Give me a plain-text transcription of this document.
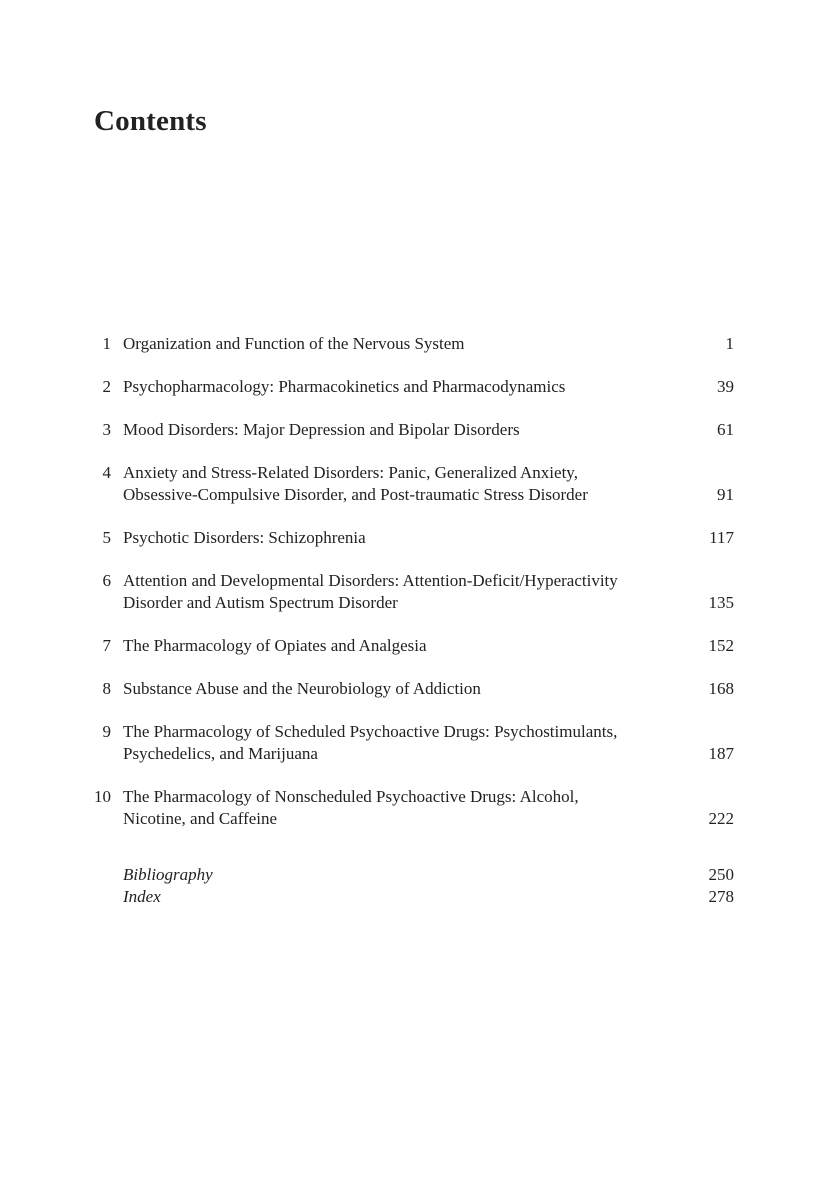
Contents
1 Organization and Function of the Nervous System	1
2 Psychopharmacology: Pharmacokinetics and Pharmacodynamics	39
3 Mood Disorders: Major Depression and Bipolar Disorders	61
4 Anxiety and Stress-Related Disorders: Panic, Generalized Anxiety,
Obsessive-Compulsive Disorder, and Post-traumatic Stress Disorder	91
5 Psychotic Disorders: Schizophrenia	117
6 Attention and Developmental Disorders: Attention-Deficit/Hyperactivity
Disorder and Autism Spectrum Disorder	135
7 The Pharmacology of Opiates and Analgesia	152
8 Substance Abuse and the Neurobiology of Addiction	168
9 The Pharmacology of Scheduled Psychoactive Drugs: Psychostimulants,
Psychedelics, and Marijuana	187
10 The Pharmacology of Nonscheduled Psychoactive Drugs: Alcohol,
Nicotine, and Caffeine	222
Bibliography	250
Index	278
